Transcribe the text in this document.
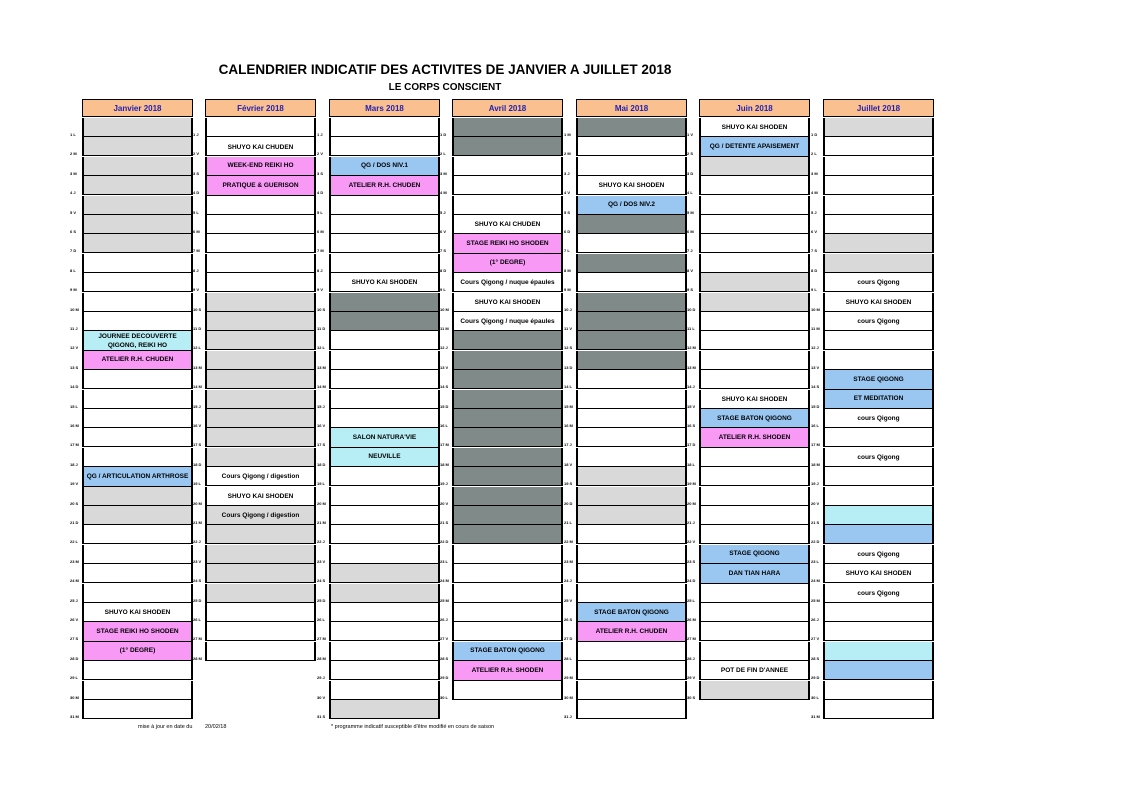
CALENDRIER INDICATIF DES ACTIVITES DE JANVIER A JUILLET 2018
LE CORPS CONSCIENT
1 L
2 M
3 M
4 J
5 V
6 S
7 D
8 L
9 M
10 M
11 J
12 V
13 S
14 D
15 L
16 M
17 M
18 J
19 V
20 S
21 D
22 L
23 M
24 M
25 J
26 V
27 S
28 D
29 L
30 M
31 M
Janvier 2018
JOURNEE DECOUVERTE QIGONG, REIKI HO
ATELIER R.H. CHUDEN
QG / ARTICULATION ARTHROSE
SHUYO KAI SHODEN
STAGE REIKI HO SHODEN
(1° DEGRE)
1 J
2 V
3 S
4 D
5 L
6 M
7 M
8 J
9 V
10 S
11 D
12 L
13 M
14 M
15 J
16 V
17 S
18 D
19 L
20 M
21 M
22 J
23 V
24 S
25 D
26 L
27 M
28 M
Février 2018
SHUYO KAI CHUDEN
WEEK-END REIKI HO
PRATIQUE & GUERISON
Cours Qigong / digestion
SHUYO KAI SHODEN
Cours Qigong / digestion
1 J
2 V
3 S
4 D
5 L
6 M
7 M
8 J
9 V
10 S
11 D
12 L
13 M
14 M
15 J
16 V
17 S
18 D
19 L
20 M
21 M
22 J
23 V
24 S
25 D
26 L
27 M
28 M
29 J
30 V
31 S
Mars 2018
QG / DOS NIV.1
ATELIER R.H. CHUDEN
SHUYO KAI SHODEN
SALON NATURA'VIE
NEUVILLE
1 D
2 L
3 M
4 M
5 J
6 V
7 S
8 D
9 L
10 M
11 M
12 J
13 V
14 S
15 D
16 L
17 M
18 M
19 J
20 V
21 S
22 D
23 L
24 M
25 M
26 J
27 V
28 S
29 D
30 L
Avril 2018
SHUYO KAI CHUDEN
STAGE REIKI HO SHODEN
(1° DEGRE)
Cours Qigong / nuque épaules
SHUYO KAI SHODEN
Cours Qigong / nuque épaules
STAGE BATON QIGONG
ATELIER R.H. SHODEN
1 M
2 M
3 J
4 V
5 S
6 D
7 L
8 M
9 M
10 J
11 V
12 S
13 D
14 L
15 M
16 M
17 J
18 V
19 S
20 D
21 L
22 M
23 M
24 J
25 V
26 S
27 D
28 L
29 M
30 M
31 J
Mai 2018
SHUYO KAI SHODEN
QG / DOS NIV.2
STAGE BATON QIGONG
ATELIER R.H. CHUDEN
1 V
2 S
3 D
4 L
5 M
6 M
7 J
8 V
9 S
10 D
11 L
12 M
13 M
14 J
15 V
16 S
17 D
18 L
19 M
20 M
21 J
22 V
23 S
24 D
25 L
26 M
27 M
28 J
29 V
30 S
Juin 2018
SHUYO KAI SHODEN
QG / DETENTE APAISEMENT
SHUYO KAI SHODEN
STAGE BATON QIGONG
ATELIER R.H. SHODEN
STAGE QIGONG
DAN TIAN HARA
POT DE FIN D'ANNEE
1 D
2 L
3 M
4 M
5 J
6 V
7 S
8 D
9 L
10 M
11 M
12 J
13 V
14 S
15 D
16 L
17 M
18 M
19 J
20 V
21 S
22 D
23 L
24 M
25 M
26 J
27 V
28 S
29 D
30 L
31 M
Juillet 2018
cours Qigong
SHUYO KAI SHODEN
cours Qigong
STAGE QIGONG
ET MEDITATION
cours Qigong
cours Qigong
cours Qigong
SHUYO KAI SHODEN
cours Qigong
mise à jour en date du 20/02/18	* programme indicatif susceptible d'être modifié en cours de saison
